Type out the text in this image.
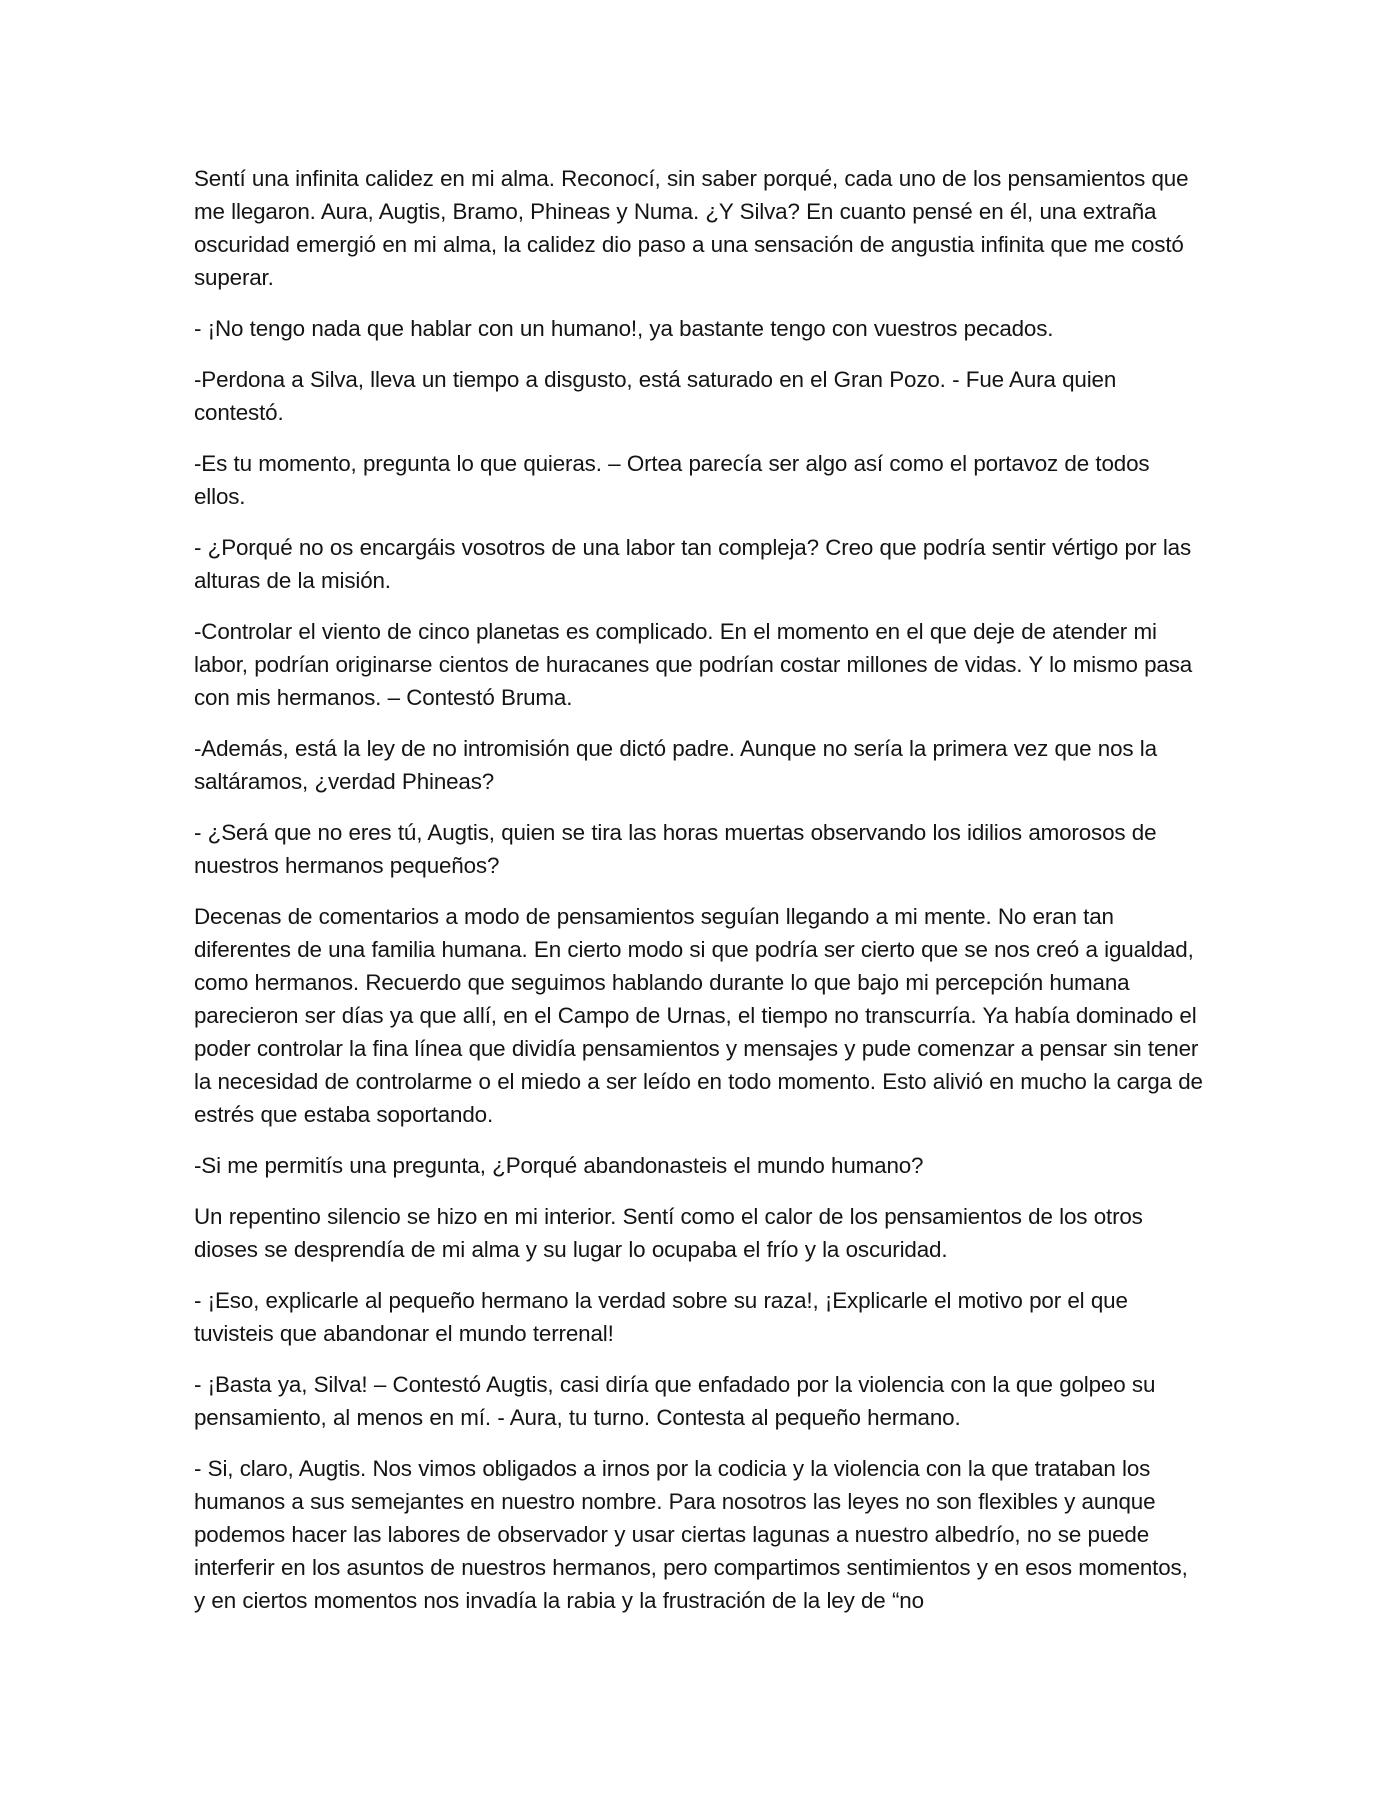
Sentí una infinita calidez en mi alma. Reconocí, sin saber porqué, cada uno de los pensamientos que me llegaron. Aura, Augtis, Bramo, Phineas y Numa. ¿Y Silva? En cuanto pensé en él, una extraña oscuridad emergió en mi alma, la calidez dio paso a una sensación de angustia infinita que me costó superar.

- ¡No tengo nada que hablar con un humano!, ya bastante tengo con vuestros pecados.

-Perdona a Silva, lleva un tiempo a disgusto, está saturado en el Gran Pozo. - Fue Aura quien contestó.

-Es tu momento, pregunta lo que quieras. – Ortea parecía ser algo así como el portavoz de todos ellos.

- ¿Porqué no os encargáis vosotros de una labor tan compleja? Creo que podría sentir vértigo por las alturas de la misión.

-Controlar el viento de cinco planetas es complicado. En el momento en el que deje de atender mi labor, podrían originarse cientos de huracanes que podrían costar millones de vidas. Y lo mismo pasa con mis hermanos. – Contestó Bruma.

-Además, está la ley de no intromisión que dictó padre. Aunque no sería la primera vez que nos la saltáramos, ¿verdad Phineas?

- ¿Será que no eres tú, Augtis, quien se tira las horas muertas observando los idilios amorosos de nuestros hermanos pequeños?

Decenas de comentarios a modo de pensamientos seguían llegando a mi mente. No eran tan diferentes de una familia humana. En cierto modo si que podría ser cierto que se nos creó a igualdad, como hermanos. Recuerdo que seguimos hablando durante lo que bajo mi percepción humana parecieron ser días ya que allí, en el Campo de Urnas, el tiempo no transcurría. Ya había dominado el poder controlar la fina línea que dividía pensamientos y mensajes y pude comenzar a pensar sin tener la necesidad de controlarme o el miedo a ser leído en todo momento. Esto alivió en mucho la carga de estrés que estaba soportando.

-Si me permitís una pregunta, ¿Porqué abandonasteis el mundo humano?

Un repentino silencio se hizo en mi interior. Sentí como el calor de los pensamientos de los otros dioses se desprendía de mi alma y su lugar lo ocupaba el frío y la oscuridad.

- ¡Eso, explicarle al pequeño hermano la verdad sobre su raza!, ¡Explicarle el motivo por el que tuvisteis que abandonar el mundo terrenal!

- ¡Basta ya, Silva! – Contestó Augtis, casi diría que enfadado por la violencia con la que golpeo su pensamiento, al menos en mí. - Aura, tu turno. Contesta al pequeño hermano.

- Si, claro, Augtis. Nos vimos obligados a irnos por la codicia y la violencia con la que trataban los humanos a sus semejantes en nuestro nombre. Para nosotros las leyes no son flexibles y aunque podemos hacer las labores de observador y usar ciertas lagunas a nuestro albedrío, no se puede interferir en los asuntos de nuestros hermanos, pero compartimos sentimientos y en esos momentos, y en ciertos momentos nos invadía la rabia y la frustración de la ley de “no
